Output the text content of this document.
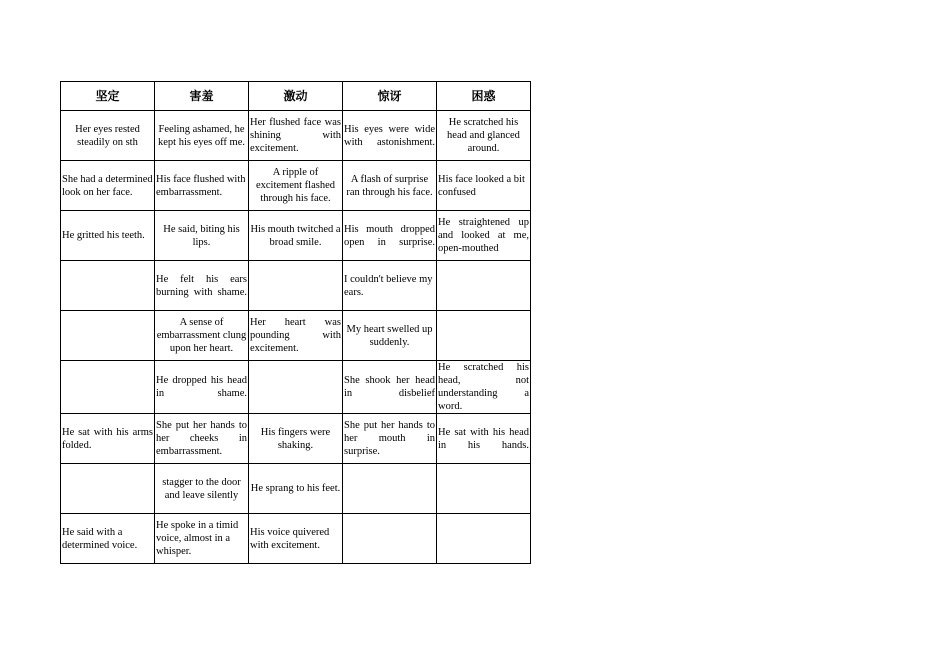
坚定	害羞	激动	惊讶	困惑
Her eyes rested steadily on sth	Feeling ashamed, he kept his eyes off me.	Her flushed face was shining with excitement.	His eyes were wide with astonishment.	He scratched his head and glanced around.
She had a determined look on her face.	His face flushed with embarrassment.	A ripple of excitement flashed through his face.	A flash of surprise ran through his face.	His face looked a bit confused
He gritted his teeth.	He said, biting his lips.	His mouth twitched a broad smile.	His mouth dropped open in surprise.	He straightened up and looked at me, open-mouthed
	He felt his ears burning with shame.		I couldn't believe my ears.	
	A sense of embarrassment clung upon her heart.	Her heart was pounding with excitement.	My heart swelled up suddenly.	
	He dropped his head in shame.		She shook her head in disbelief	He scratched his head, not understanding a word.
He sat with his arms folded.	She put her hands to her cheeks in embarrassment.	His fingers were shaking.	She put her hands to her mouth in surprise.	He sat with his head in his hands.
	stagger to the door and leave silently	He sprang to his feet.		
He said with a determined voice.	He spoke in a timid voice, almost in a whisper.	His voice quivered with excitement.		
